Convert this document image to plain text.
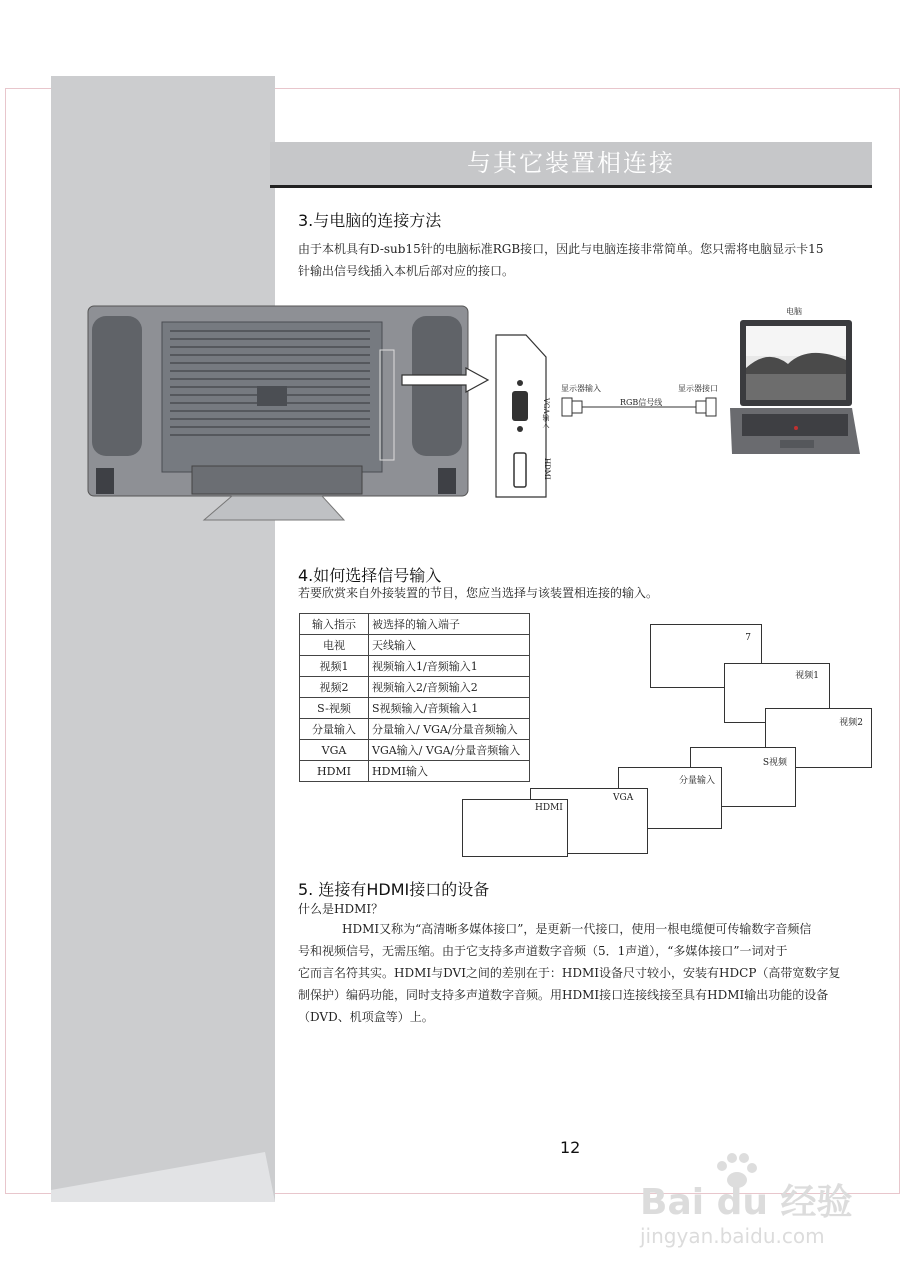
与其它装置相连接
3.与电脑的连接方法
由于本机具有D-sub15针的电脑标准RGB接口，因此与电脑连接非常简单。您只需将电脑显示卡15
针输出信号线插入本机后部对应的接口。
VGA输入
HDMI
显示器输入	显示器接口
RGB信号线
电脑
4.如何选择信号输入
若要欣赏来自外接装置的节目，您应当选择与该装置相连接的输入。
输入指示	被选择的输入端子
电视	天线输入
视频1	视频输入1/音频输入1
视频2	视频输入2/音频输入2
S-视频	S视频输入/音频输入1
分量输入	分量输入/ VGA/分量音频输入
VGA	VGA输入/ VGA/分量音频输入
HDMI	HDMI输入
7
视频1
视频2
S视频
分量输入
VGA
HDMI
5. 连接有HDMI接口的设备
什么是HDMI？
HDMI又称为“高清晰多媒体接口”，是更新一代接口，使用一根电缆便可传输数字音频信
号和视频信号，无需压缩。由于它支持多声道数字音频（5．1声道），“多媒体接口”一词对于
它而言名符其实。HDMI与DVI之间的差别在于：HDMI设备尺寸较小，安装有HDCP（高带宽数字复
制保护）编码功能，同时支持多声道数字音频。用HDMI接口连接线接至具有HDMI输出功能的设备
（DVD、机项盒等）上。
12
Bai du 经验
jingyan.baidu.com
